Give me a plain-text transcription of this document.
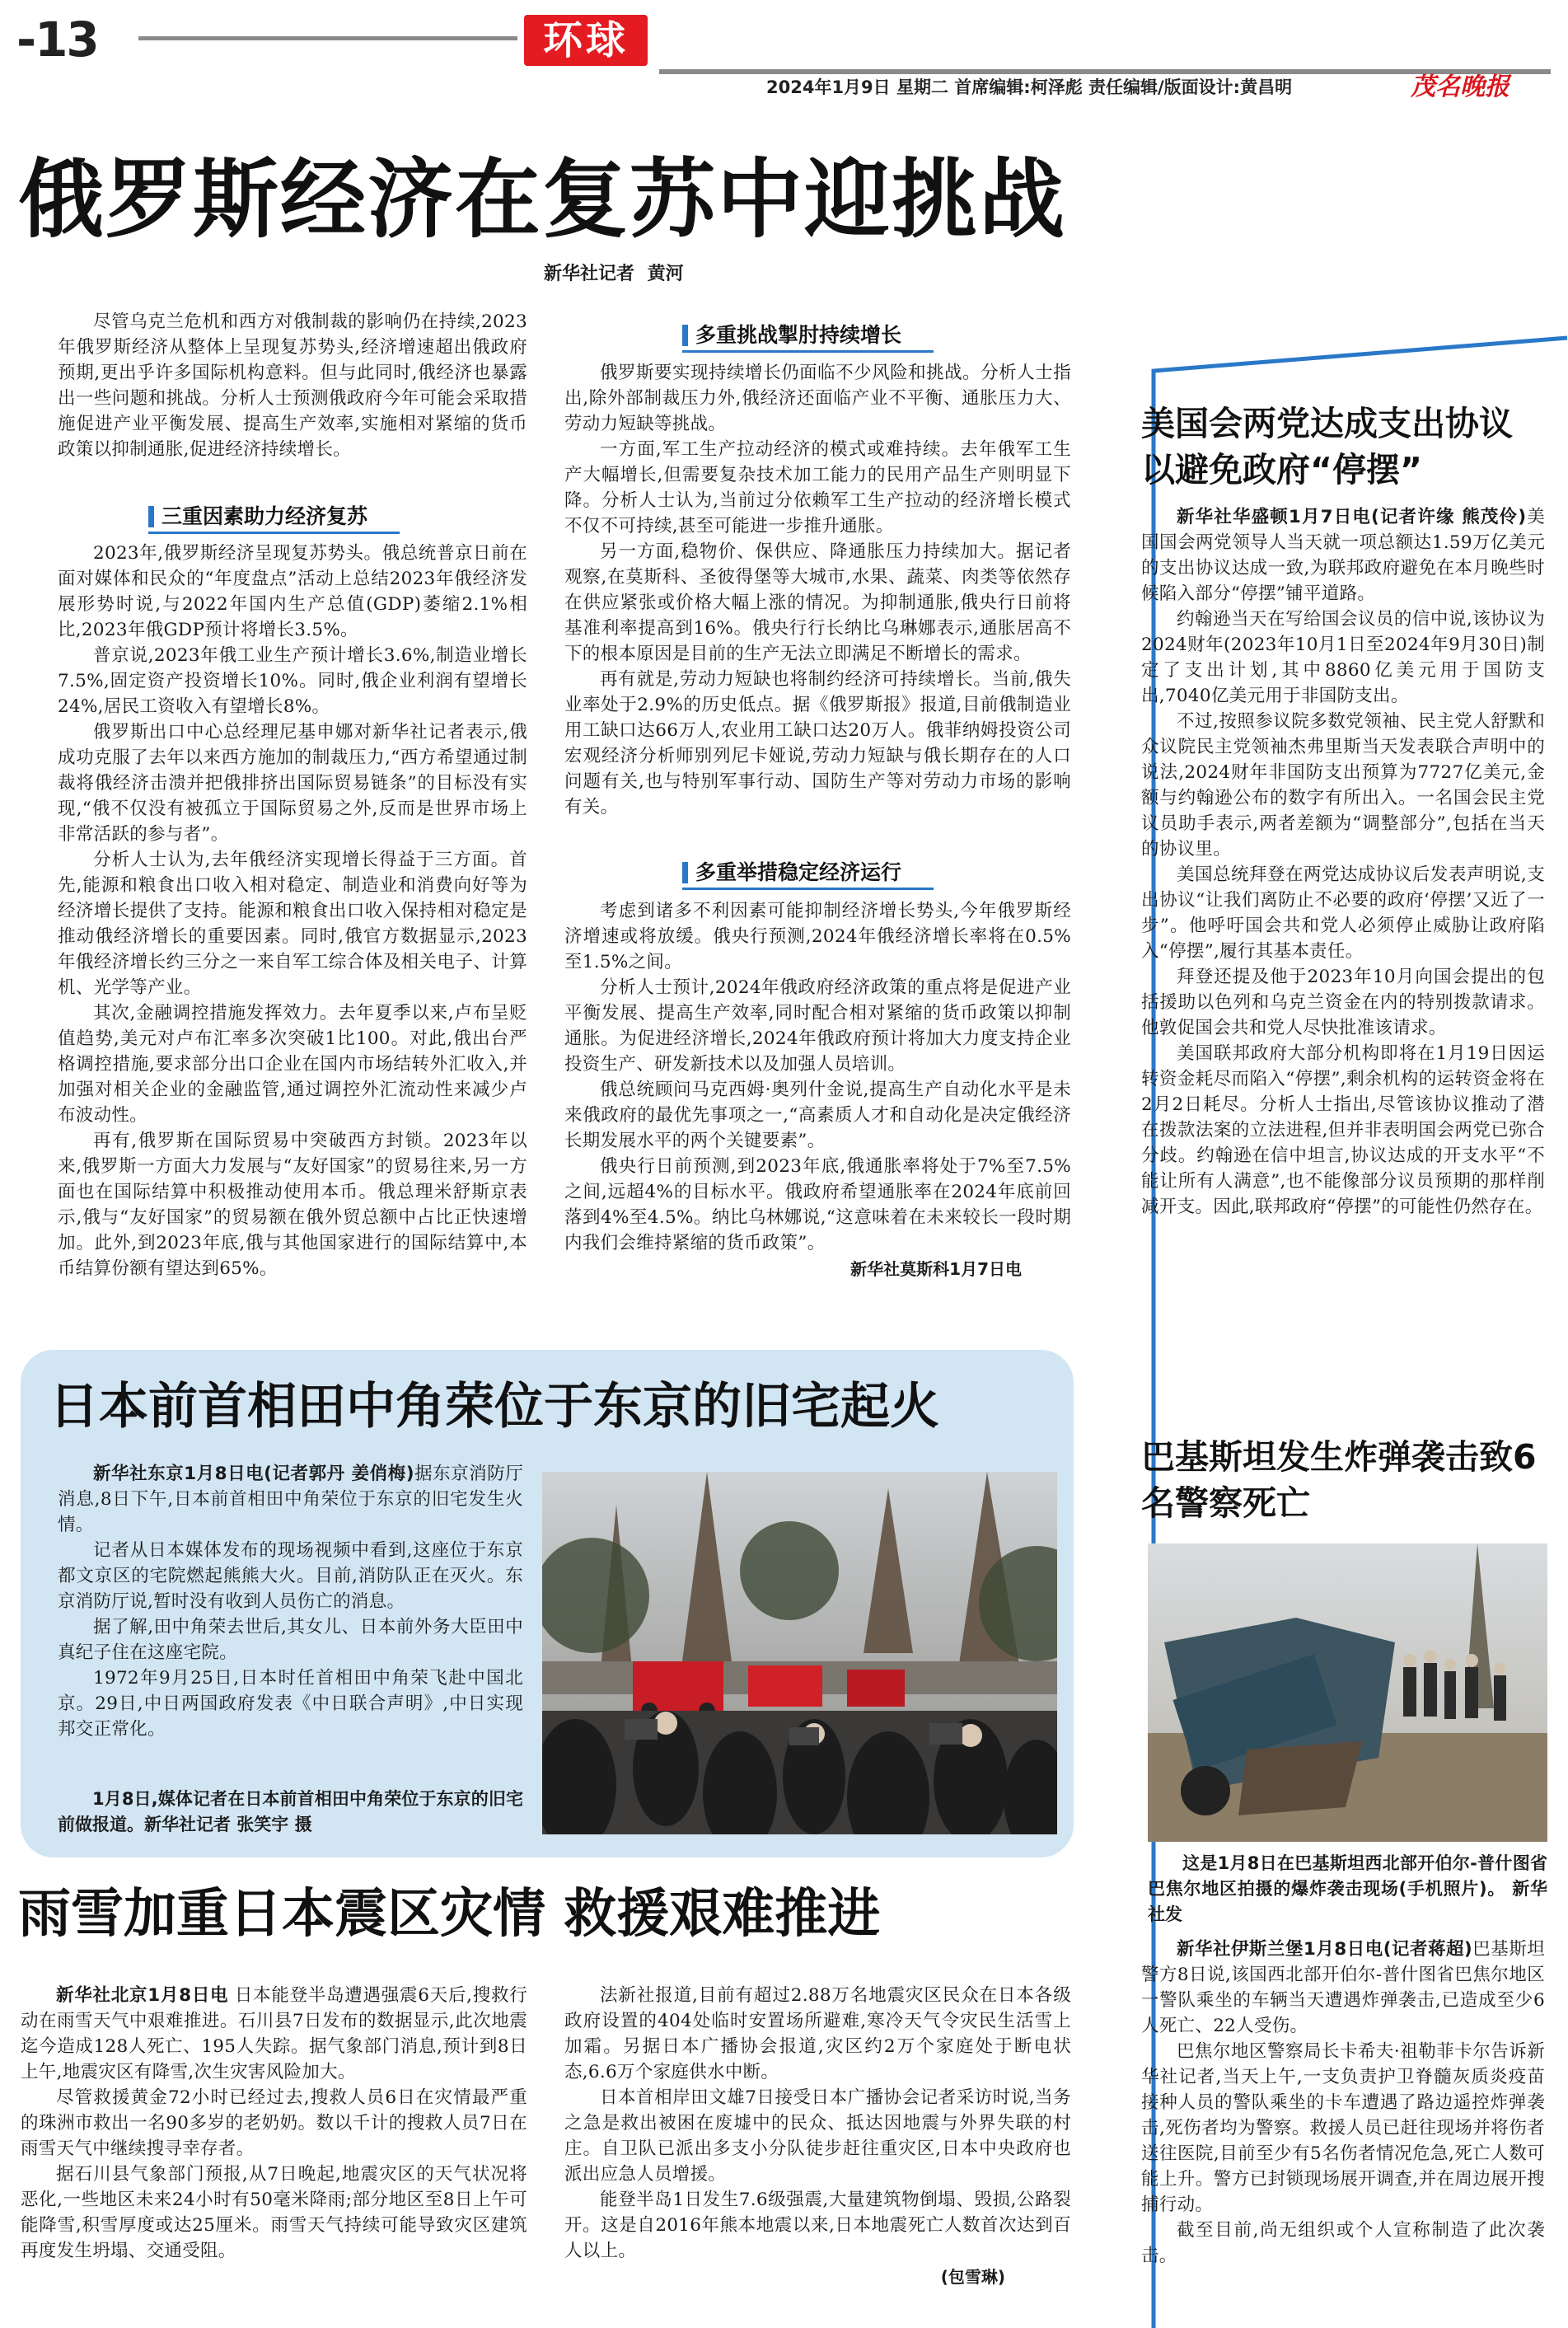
-13	环球
2024年1月9日 星期二 首席编辑:柯泽彪 责任编辑/版面设计:黄昌明	茂名晚报
俄罗斯经济在复苏中迎挑战
新华社记者 黄河

尽管乌克兰危机和西方对俄制裁的影响仍在持续,2023年俄罗斯经济从整体上呈现复苏势头,经济增速超出俄政府预期,更出乎许多国际机构意料。但与此同时,俄经济也暴露出一些问题和挑战。分析人士预测俄政府今年可能会采取措施促进产业平衡发展、提高生产效率,实施相对紧缩的货币政策以抑制通胀,促进经济持续增长。

三重因素助力经济复苏

2023年,俄罗斯经济呈现复苏势头。俄总统普京日前在面对媒体和民众的“年度盘点”活动上总结2023年俄经济发展形势时说,与2022年国内生产总值(GDP)萎缩2.1%相比,2023年俄GDP预计将增长3.5%。

普京说,2023年俄工业生产预计增长3.6%,制造业增长7.5%,固定资产投资增长10%。同时,俄企业利润有望增长24%,居民工资收入有望增长8%。

俄罗斯出口中心总经理尼基申娜对新华社记者表示,俄成功克服了去年以来西方施加的制裁压力,“西方希望通过制裁将俄经济击溃并把俄排挤出国际贸易链条”的目标没有实现,“俄不仅没有被孤立于国际贸易之外,反而是世界市场上非常活跃的参与者”。

分析人士认为,去年俄经济实现增长得益于三方面。首先,能源和粮食出口收入相对稳定、制造业和消费向好等为经济增长提供了支持。能源和粮食出口收入保持相对稳定是推动俄经济增长的重要因素。同时,俄官方数据显示,2023年俄经济增长约三分之一来自军工综合体及相关电子、计算机、光学等产业。

其次,金融调控措施发挥效力。去年夏季以来,卢布呈贬值趋势,美元对卢布汇率多次突破1比100。对此,俄出台严格调控措施,要求部分出口企业在国内市场结转外汇收入,并加强对相关企业的金融监管,通过调控外汇流动性来减少卢布波动性。

再有,俄罗斯在国际贸易中突破西方封锁。2023年以来,俄罗斯一方面大力发展与“友好国家”的贸易往来,另一方面也在国际结算中积极推动使用本币。俄总理米舒斯京表示,俄与“友好国家”的贸易额在俄外贸总额中占比正快速增加。此外,到2023年底,俄与其他国家进行的国际结算中,本币结算份额有望达到65%。

多重挑战掣肘持续增长

俄罗斯要实现持续增长仍面临不少风险和挑战。分析人士指出,除外部制裁压力外,俄经济还面临产业不平衡、通胀压力大、劳动力短缺等挑战。

一方面,军工生产拉动经济的模式或难持续。去年俄军工生产大幅增长,但需要复杂技术加工能力的民用产品生产则明显下降。分析人士认为,当前过分依赖军工生产拉动的经济增长模式不仅不可持续,甚至可能进一步推升通胀。

另一方面,稳物价、保供应、降通胀压力持续加大。据记者观察,在莫斯科、圣彼得堡等大城市,水果、蔬菜、肉类等依然存在供应紧张或价格大幅上涨的情况。为抑制通胀,俄央行日前将基准利率提高到16%。俄央行行长纳比乌琳娜表示,通胀居高不下的根本原因是目前的生产无法立即满足不断增长的需求。

再有就是,劳动力短缺也将制约经济可持续增长。当前,俄失业率处于2.9%的历史低点。据《俄罗斯报》报道,目前俄制造业用工缺口达66万人,农业用工缺口达20万人。俄菲纳姆投资公司宏观经济分析师别列尼卡娅说,劳动力短缺与俄长期存在的人口问题有关,也与特别军事行动、国防生产等对劳动力市场的影响有关。

多重举措稳定经济运行

考虑到诸多不利因素可能抑制经济增长势头,今年俄罗斯经济增速或将放缓。俄央行预测,2024年俄经济增长率将在0.5%至1.5%之间。

分析人士预计,2024年俄政府经济政策的重点将是促进产业平衡发展、提高生产效率,同时配合相对紧缩的货币政策以抑制通胀。为促进经济增长,2024年俄政府预计将加大力度支持企业投资生产、研发新技术以及加强人员培训。

俄总统顾问马克西姆·奥列什金说,提高生产自动化水平是未来俄政府的最优先事项之一,“高素质人才和自动化是决定俄经济长期发展水平的两个关键要素”。

俄央行日前预测,到2023年底,俄通胀率将处于7%至7.5%之间,远超4%的目标水平。俄政府希望通胀率在2024年底前回落到4%至4.5%。纳比乌林娜说,“这意味着在未来较长一段时期内我们会维持紧缩的货币政策”。

新华社莫斯科1月7日电

美国会两党达成支出协议以避免政府“停摆”

新华社华盛顿1月7日电(记者许缘 熊茂伶)美国国会两党领导人当天就一项总额达1.59万亿美元的支出协议达成一致,为联邦政府避免在本月晚些时候陷入部分“停摆”铺平道路。

约翰逊当天在写给国会议员的信中说,该协议为2024财年(2023年10月1日至2024年9月30日)制定了支出计划,其中8860亿美元用于国防支出,7040亿美元用于非国防支出。

不过,按照参议院多数党领袖、民主党人舒默和众议院民主党领袖杰弗里斯当天发表联合声明中的说法,2024财年非国防支出预算为7727亿美元,金额与约翰逊公布的数字有所出入。一名国会民主党议员助手表示,两者差额为“调整部分”,包括在当天的协议里。

美国总统拜登在两党达成协议后发表声明说,支出协议“让我们离防止不必要的政府‘停摆’又近了一步”。他呼吁国会共和党人必须停止威胁让政府陷入“停摆”,履行其基本责任。

拜登还提及他于2023年10月向国会提出的包括援助以色列和乌克兰资金在内的特别拨款请求。他敦促国会共和党人尽快批准该请求。

美国联邦政府大部分机构即将在1月19日因运转资金耗尽而陷入“停摆”,剩余机构的运转资金将在2月2日耗尽。分析人士指出,尽管该协议推动了潜在拨款法案的立法进程,但并非表明国会两党已弥合分歧。约翰逊在信中坦言,协议达成的开支水平“不能让所有人满意”,也不能像部分议员预期的那样削减开支。因此,联邦政府“停摆”的可能性仍然存在。

日本前首相田中角荣位于东京的旧宅起火

新华社东京1月8日电(记者郭丹 姜俏梅)据东京消防厅消息,8日下午,日本前首相田中角荣位于东京的旧宅发生火情。

记者从日本媒体发布的现场视频中看到,这座位于东京都文京区的宅院燃起熊熊大火。目前,消防队正在灭火。东京消防厅说,暂时没有收到人员伤亡的消息。

据了解,田中角荣去世后,其女儿、日本前外务大臣田中真纪子住在这座宅院。

1972年9月25日,日本时任首相田中角荣飞赴中国北京。29日,中日两国政府发表《中日联合声明》,中日实现邦交正常化。

1月8日,媒体记者在日本前首相田中角荣位于东京的旧宅前做报道。新华社记者 张笑宇 摄

巴基斯坦发生炸弹袭击致6名警察死亡

这是1月8日在巴基斯坦西北部开伯尔-普什图省巴焦尔地区拍摄的爆炸袭击现场(手机照片)。 新华社发

新华社伊斯兰堡1月8日电(记者蒋超)巴基斯坦警方8日说,该国西北部开伯尔-普什图省巴焦尔地区一警队乘坐的车辆当天遭遇炸弹袭击,已造成至少6人死亡、22人受伤。

巴焦尔地区警察局长卡希夫·祖勒菲卡尔告诉新华社记者,当天上午,一支负责护卫脊髓灰质炎疫苗接种人员的警队乘坐的卡车遭遇了路边遥控炸弹袭击,死伤者均为警察。救援人员已赶往现场并将伤者送往医院,目前至少有5名伤者情况危急,死亡人数可能上升。警方已封锁现场展开调查,并在周边展开搜捕行动。

截至目前,尚无组织或个人宣称制造了此次袭击。

雨雪加重日本震区灾情 救援艰难推进

新华社北京1月8日电 日本能登半岛遭遇强震6天后,搜救行动在雨雪天气中艰难推进。石川县7日发布的数据显示,此次地震迄今造成128人死亡、195人失踪。据气象部门消息,预计到8日上午,地震灾区有降雪,次生灾害风险加大。

尽管救援黄金72小时已经过去,搜救人员6日在灾情最严重的珠洲市救出一名90多岁的老奶奶。数以千计的搜救人员7日在雨雪天气中继续搜寻幸存者。

据石川县气象部门预报,从7日晚起,地震灾区的天气状况将恶化,一些地区未来24小时有50毫米降雨;部分地区至8日上午可能降雪,积雪厚度或达25厘米。雨雪天气持续可能导致灾区建筑再度发生坍塌、交通受阻。

法新社报道,目前有超过2.88万名地震灾区民众在日本各级政府设置的404处临时安置场所避难,寒冷天气令灾民生活雪上加霜。另据日本广播协会报道,灾区约2万个家庭处于断电状态,6.6万个家庭供水中断。

日本首相岸田文雄7日接受日本广播协会记者采访时说,当务之急是救出被困在废墟中的民众、抵达因地震与外界失联的村庄。自卫队已派出多支小分队徒步赶往重灾区,日本中央政府也派出应急人员增援。

能登半岛1日发生7.6级强震,大量建筑物倒塌、毁损,公路裂开。这是自2016年熊本地震以来,日本地震死亡人数首次达到百人以上。

(包雪琳)
